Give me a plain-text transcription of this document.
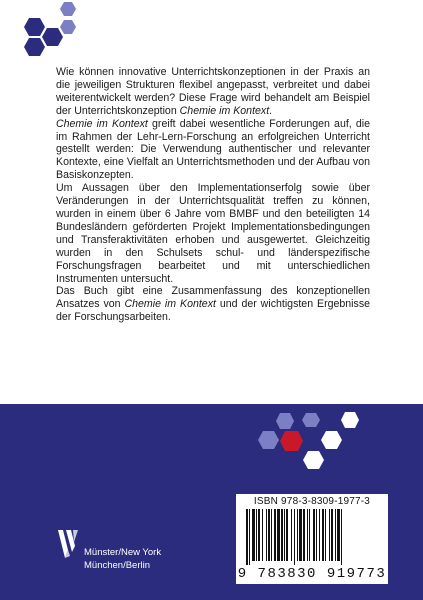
Wie können innovative Unterrichtskonzeptionen in der Praxis an die jeweiligen Strukturen flexibel angepasst, verbreitet und dabei weiterentwickelt werden? Diese Frage wird behandelt am Beispiel der Unterrichtskonzeption Chemie im Kontext.

Chemie im Kontext greift dabei wesentliche Forderungen auf, die im Rahmen der Lehr-Lern-Forschung an erfolgreichen Unterricht gestellt werden: Die Verwendung authentischer und relevanter Kontexte, eine Vielfalt an Unterrichtsmethoden und der Aufbau von Basiskonzepten.

Um Aussagen über den Implementationserfolg sowie über Veränderungen in der Unterrichtsqualität treffen zu können, wurden in einem über 6 Jahre vom BMBF und den beteiligten 14 Bundesländern geförderten Projekt Implementationsbedingungen und Transferaktivitäten erhoben und ausgewertet. Gleichzeitig wurden in den Schulsets schul- und länderspezifische Forschungsfragen bearbeitet und mit unterschiedlichen Instrumenten untersucht.

Das Buch gibt eine Zusammenfassung des konzeptionellen Ansatzes von Chemie im Kontext und der wichtigsten Ergebnisse der Forschungsarbeiten.

Münster/New York
München/Berlin
ISBN 978-3-8309-1977-3
9 783830 919773
